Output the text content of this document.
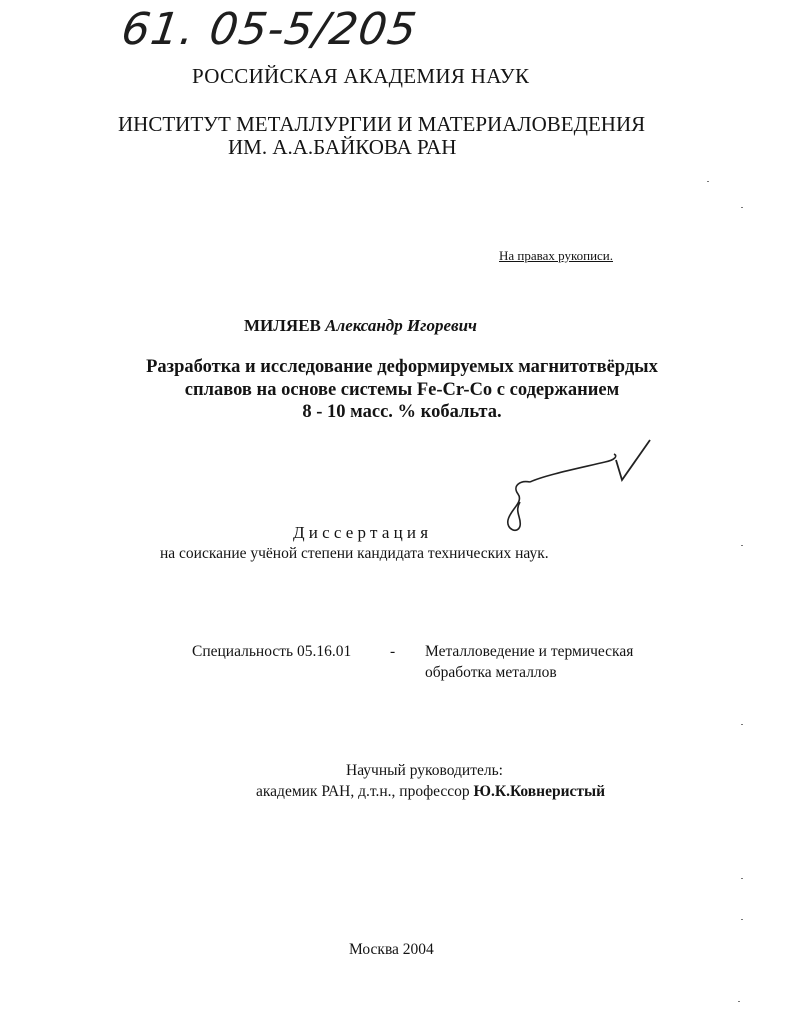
61. 05-5/205
РОССИЙСКАЯ АКАДЕМИЯ НАУК
ИНСТИТУТ МЕТАЛЛУРГИИ И МАТЕРИАЛОВЕДЕНИЯ
ИМ. А.А.БАЙКОВА РАН
На правах рукописи.
МИЛЯЕВ Александр Игоревич
Разработка и исследование деформируемых магнитотвёрдых
сплавов на основе системы Fe-Cr-Co с содержанием
8 - 10 масс. % кобальта.
Диссертация
на соискание учёной степени кандидата технических наук.
Специальность 05.16.01	- Металловедение и термическая
обработка металлов
Научный руководитель:
академик РАН, д.т.н., профессор Ю.К.Ковнеристый
Москва 2004
